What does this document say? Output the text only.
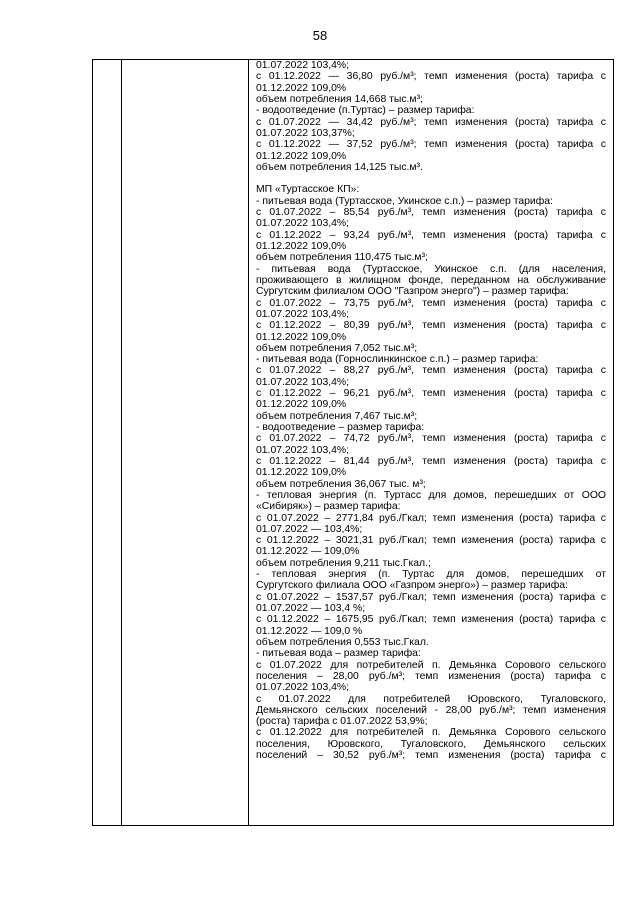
58
01.07.2022 103,4%;
с 01.12.2022 — 36,80 руб./м³; темп изменения (роста) тарифа с
01.12.2022 109,0%
объем потребления 14,668 тыс.м³;
- водоотведение (п.Туртас) – размер тарифа:
с 01.07.2022 — 34,42 руб./м³; темп изменения (роста) тарифа с
01.07.2022 103,37%;
с 01.12.2022 — 37,52 руб./м³; темп изменения (роста) тарифа с
01.12.2022 109,0%
объем потребления 14,125 тыс.м³.
МП «Туртасское КП»:
- питьевая вода (Туртасское, Укинское с.п.) – размер тарифа:
с 01.07.2022 – 85,54 руб./м³, темп изменения (роста) тарифа с
01.07.2022 103,4%;
с 01.12.2022 – 93,24 руб./м³, темп изменения (роста) тарифа с
01.12.2022 109,0%
объем потребления 110,475 тыс.м³;
- питьевая вода (Туртасское, Укинское с.п. (для населения,
проживающего в жилищном фонде, переданном на обслуживание
Сургутским филиалом ООО "Газпром энерго") – размер тарифа:
с 01.07.2022 – 73,75 руб./м³, темп изменения (роста) тарифа с
01.07.2022 103,4%;
с 01.12.2022 – 80,39 руб./м³, темп изменения (роста) тарифа с
01.12.2022 109,0%
объем потребления 7,052 тыс.м³;
- питьевая вода (Горнослинкинское с.п.) – размер тарифа:
с 01.07.2022 – 88,27 руб./м³, темп изменения (роста) тарифа с
01.07.2022 103,4%;
с 01.12.2022 – 96,21 руб./м³, темп изменения (роста) тарифа с
01.12.2022 109,0%
объем потребления 7,467 тыс.м³;
- водоотведение – размер тарифа:
с 01.07.2022 – 74,72 руб./м³, темп изменения (роста) тарифа с
01.07.2022 103,4%;
с 01.12.2022 – 81,44 руб./м³, темп изменения (роста) тарифа с
01.12.2022 109,0%
объем потребления 36,067 тыс. м³;
- тепловая энергия (п. Туртасс для домов, перешедших от ООО
«Сибиряк») – размер тарифа:
с 01.07.2022 – 2771,84 руб./Гкал; темп изменения (роста) тарифа с
01.07.2022 — 103,4%;
с 01.12.2022 – 3021,31 руб./Гкал; темп изменения (роста) тарифа с
01.12.2022 — 109,0%
объем потребления 9,211 тыс.Гкал.;
- тепловая энергия (п. Туртас для домов, перешедших от
Сургутского филиала ООО «Газпром энерго») – размер тарифа:
с 01.07.2022 – 1537,57 руб./Гкал; темп изменения (роста) тарифа с
01.07.2022 — 103,4 %;
с 01.12.2022 – 1675,95 руб./Гкал; темп изменения (роста) тарифа с
01.12.2022 — 109,0 %
объем потребления 0,553 тыс.Гкал.
- питьевая вода – размер тарифа:
с 01.07.2022 для потребителей п. Демьянка Сорового сельского
поселения – 28,00 руб./м³; темп изменения (роста) тарифа с
01.07.2022 103,4%;
с 01.07.2022 для потребителей Юровского, Тугаловского,
Демьянского сельских поселений - 28,00 руб./м³; темп изменения
(роста) тарифа с 01.07.2022 53,9%;
с 01.12.2022 для потребителей п. Демьянка Сорового сельского
поселения, Юровского, Тугаловского, Демьянского сельских
поселений – 30,52 руб./м³; темп изменения (роста) тарифа с
